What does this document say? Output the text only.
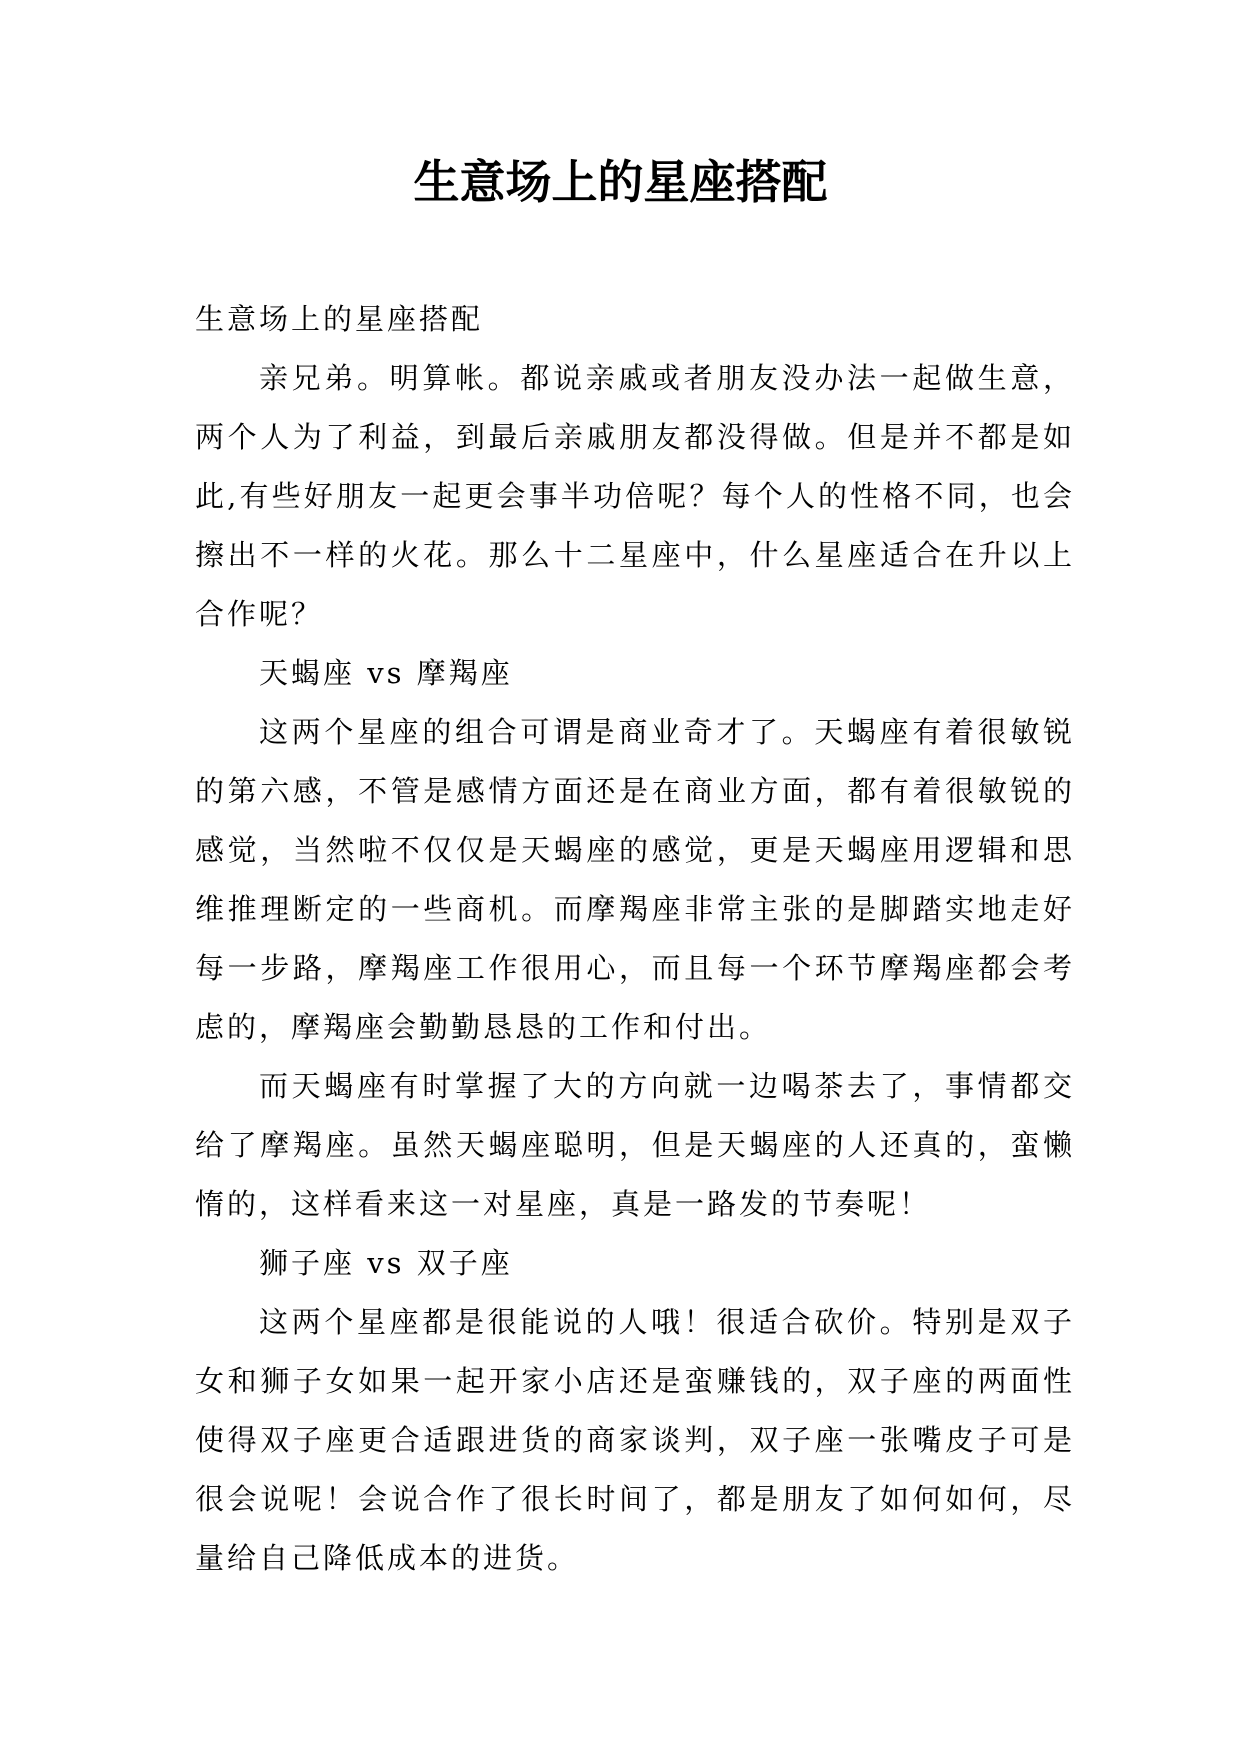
生意场上的星座搭配

生意场上的星座搭配

亲兄弟。明算帐。都说亲戚或者朋友没办法一起做生意，两个人为了利益，到最后亲戚朋友都没得做。但是并不都是如此,有些好朋友一起更会事半功倍呢？每个人的性格不同，也会擦出不一样的火花。那么十二星座中，什么星座适合在升以上合作呢？

天蝎座 vs 摩羯座

这两个星座的组合可谓是商业奇才了。天蝎座有着很敏锐的第六感，不管是感情方面还是在商业方面，都有着很敏锐的感觉，当然啦不仅仅是天蝎座的感觉，更是天蝎座用逻辑和思维推理断定的一些商机。而摩羯座非常主张的是脚踏实地走好每一步路，摩羯座工作很用心，而且每一个环节摩羯座都会考虑的，摩羯座会勤勤恳恳的工作和付出。

而天蝎座有时掌握了大的方向就一边喝茶去了，事情都交给了摩羯座。虽然天蝎座聪明，但是天蝎座的人还真的，蛮懒惰的，这样看来这一对星座，真是一路发的节奏呢！

狮子座 vs 双子座

这两个星座都是很能说的人哦！很适合砍价。特别是双子女和狮子女如果一起开家小店还是蛮赚钱的，双子座的两面性使得双子座更合适跟进货的商家谈判，双子座一张嘴皮子可是很会说呢！会说合作了很长时间了，都是朋友了如何如何，尽量给自己降低成本的进货。
